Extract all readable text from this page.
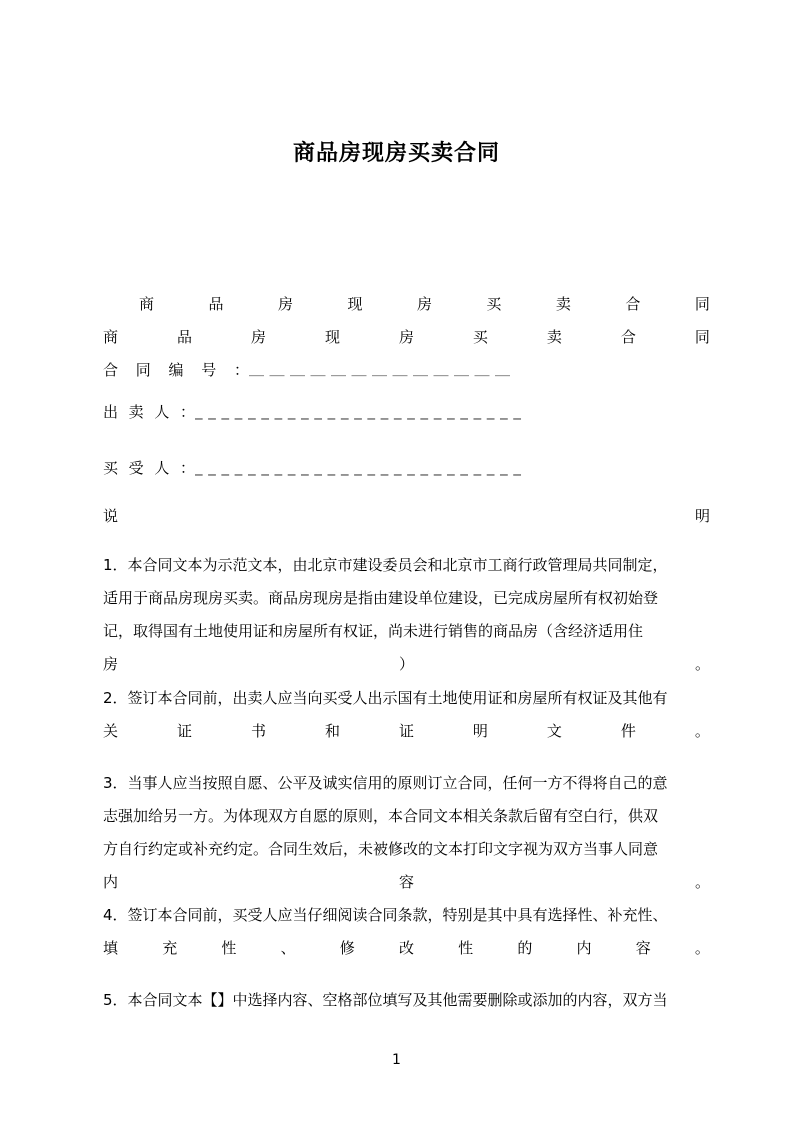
商品房现房买卖合同
商	品	房	现	房	买	卖	合	同
商	品	房	现	房	买	卖	合	同
合 同 编 号 ： ＿＿＿＿＿＿＿＿＿＿＿＿＿
出 卖 人 ： _ _ _ _ _ _ _ _ _ _ _ _ _ _ _ _ _ _ _ _ _ _ _ _ _
买 受 人 ： _ _ _ _ _ _ _ _ _ _ _ _ _ _ _ _ _ _ _ _ _ _ _ _ _
说	明
1．本合同文本为示范文本，由北京市建设委员会和北京市工商行政管理局共同制定，
适用于商品房现房买卖。商品房现房是指由建设单位建设，已完成房屋所有权初始登
记，取得国有土地使用证和房屋所有权证，尚未进行销售的商品房（含经济适用住
房	）	。
2．签订本合同前，出卖人应当向买受人出示国有土地使用证和房屋所有权证及其他有
关	证	书	和	证	明	文	件	。
3．当事人应当按照自愿、公平及诚实信用的原则订立合同，任何一方不得将自己的意
志强加给另一方。为体现双方自愿的原则，本合同文本相关条款后留有空白行，供双
方自行约定或补充约定。合同生效后，未被修改的文本打印文字视为双方当事人同意
内	容	。
4．签订本合同前，买受人应当仔细阅读合同条款，特别是其中具有选择性、补充性、
填	充	性	、	修	改	性	的	内	容	。
5．本合同文本【】中选择内容、空格部位填写及其他需要删除或添加的内容，双方当
1
